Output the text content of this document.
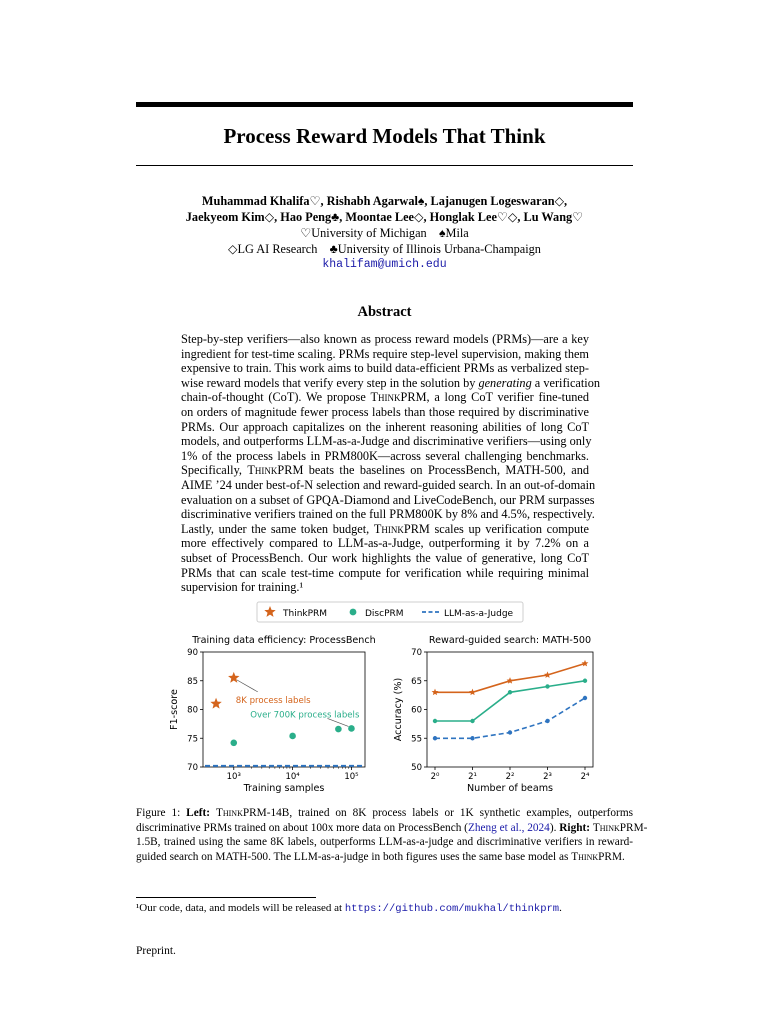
Process Reward Models That Think
Muhammad Khalifa♡, Rishabh Agarwal♠, Lajanugen Logeswaran◇,
Jaekyeom Kim◇, Hao Peng♣, Moontae Lee◇, Honglak Lee♡◇, Lu Wang♡
♡University of Michigan    ♠Mila
◇LG AI Research    ♣University of Illinois Urbana-Champaign
khalifam@umich.edu
Abstract

Step-by-step verifiers—also known as process reward models (PRMs)—are a key

ingredient for test-time scaling. PRMs require step-level supervision, making them

expensive to train. This work aims to build data-efficient PRMs as verbalized step-

wise reward models that verify every step in the solution by generating a verification

chain-of-thought (CoT). We propose ThinkPRM, a long CoT verifier fine-tuned

on orders of magnitude fewer process labels than those required by discriminative

PRMs. Our approach capitalizes on the inherent reasoning abilities of long CoT

models, and outperforms LLM-as-a-Judge and discriminative verifiers—using only

1% of the process labels in PRM800K—across several challenging benchmarks.

Specifically, ThinkPRM beats the baselines on ProcessBench, MATH-500, and

AIME ’24 under best-of-N selection and reward-guided search. In an out-of-domain

evaluation on a subset of GPQA-Diamond and LiveCodeBench, our PRM surpasses

discriminative verifiers trained on the full PRM800K by 8% and 4.5%, respectively.

Lastly, under the same token budget, ThinkPRM scales up verification compute

more effectively compared to LLM-as-a-Judge, outperforming it by 7.2% on a

subset of ProcessBench. Our work highlights the value of generative, long CoT

PRMs that can scale test-time compute for verification while requiring minimal

supervision for training.¹

ThinkPRM	DiscPRM	LLM-as-a-Judge
Training data efficiency: ProcessBench
70
75
80
85
90
Training samples
F1-score
10³	10⁴	10⁵
8K process labels
Over 700K process labels
Reward-guided search: MATH-500
50
55
60
65
70
Number of beams
Accuracy (%)
2⁰	2¹	2²	2³	2⁴

Figure 1: Left: ThinkPRM-14B, trained on 8K process labels or 1K synthetic examples, outperforms

discriminative PRMs trained on about 100x more data on ProcessBench (Zheng et al., 2024). Right: ThinkPRM-

1.5B, trained using the same 8K labels, outperforms LLM-as-a-judge and discriminative verifiers in reward-

guided search on MATH-500. The LLM-as-a-judge in both figures uses the same base model as ThinkPRM.

¹Our code, data, and models will be released at https://github.com/mukhal/thinkprm.
Preprint.
